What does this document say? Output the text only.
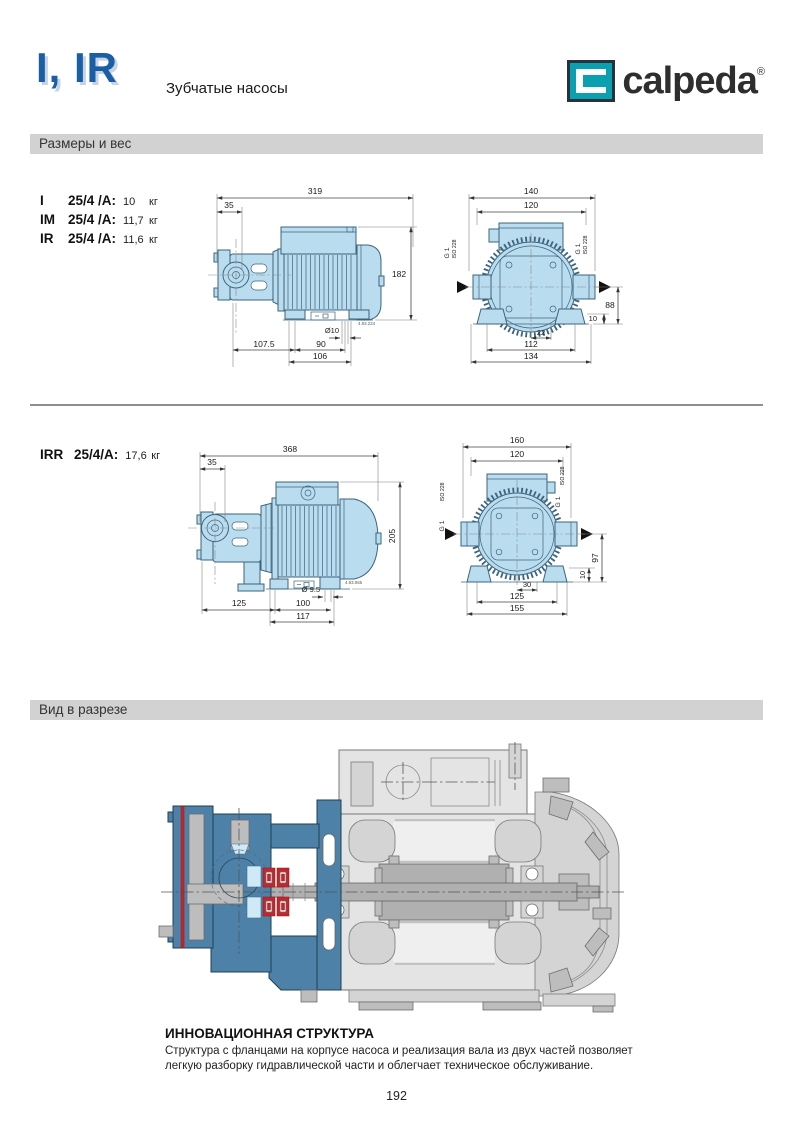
I, IR	Зубчатые насосы	calpeda®
Размеры и вес
I 25/4 /A: 10 кг
IM 25/4 /A: 11,7 кг
IR 25/4 /A: 11,6 кг
319
35
182
Ø10
107.5	90
106
4.93.224
140
120
G 1 ISO 228	G 1 ISO 228
88
10
22
112
134
IRR 25/4/A: 17,6 кг
368
35
205
Ø 9.5
125	100
117
4.93.065
160
120
G 1
ISO 228
G 1
ISO 228
97
10
30
125
155
Вид в разрезе
ИННОВАЦИОННАЯ СТРУКТУРА

Структура с фланцами на корпусе насоса и реализация вала из двух частей позволяет легкую разборку гидравлической части и облегчает техническое обслуживание.

192
